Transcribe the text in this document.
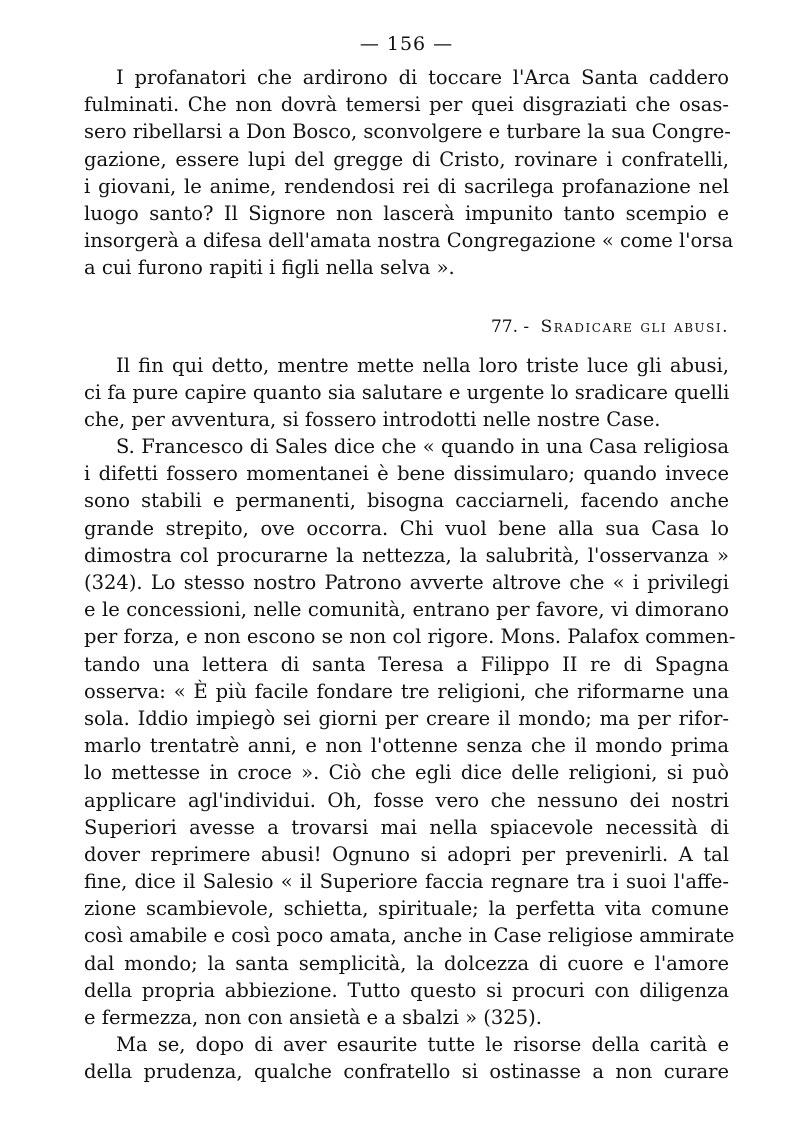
— 156 —
I profanatori che ardirono di toccare l'Arca Santa caddero
fulminati. Che non dovrà temersi per quei disgraziati che osas-
sero ribellarsi a Don Bosco, sconvolgere e turbare la sua Congre-
gazione, essere lupi del gregge di Cristo, rovinare i confratelli,
i giovani, le anime, rendendosi rei di sacrilega profanazione nel
luogo santo? Il Signore non lascerà impunito tanto scempio e
insorgerà a difesa dell'amata nostra Congregazione « come l'orsa
a cui furono rapiti i figli nella selva ».
77. - Sradicare gli abusi.
Il fin qui detto, mentre mette nella loro triste luce gli abusi,
ci fa pure capire quanto sia salutare e urgente lo sradicare quelli
che, per avventura, si fossero introdotti nelle nostre Case.
S. Francesco di Sales dice che « quando in una Casa religiosa
i difetti fossero momentanei è bene dissimularo; quando invece
sono stabili e permanenti, bisogna cacciarneli, facendo anche
grande strepito, ove occorra. Chi vuol bene alla sua Casa lo
dimostra col procurarne la nettezza, la salubrità, l'osservanza »
(324). Lo stesso nostro Patrono avverte altrove che « i privilegi
e le concessioni, nelle comunità, entrano per favore, vi dimorano
per forza, e non escono se non col rigore. Mons. Palafox commen-
tando una lettera di santa Teresa a Filippo II re di Spagna
osserva: « È più facile fondare tre religioni, che riformarne una
sola. Iddio impiegò sei giorni per creare il mondo; ma per rifor-
marlo trentatrè anni, e non l'ottenne senza che il mondo prima
lo mettesse in croce ». Ciò che egli dice delle religioni, si può
applicare agl'individui. Oh, fosse vero che nessuno dei nostri
Superiori avesse a trovarsi mai nella spiacevole necessità di
dover reprimere abusi! Ognuno si adopri per prevenirli. A tal
fine, dice il Salesio « il Superiore faccia regnare tra i suoi l'affe-
zione scambievole, schietta, spirituale; la perfetta vita comune
così amabile e così poco amata, anche in Case religiose ammirate
dal mondo; la santa semplicità, la dolcezza di cuore e l'amore
della propria abbiezione. Tutto questo si procuri con diligenza
e fermezza, non con ansietà e a sbalzi » (325).
Ma se, dopo di aver esaurite tutte le risorse della carità e
della prudenza, qualche confratello si ostinasse a non curare
